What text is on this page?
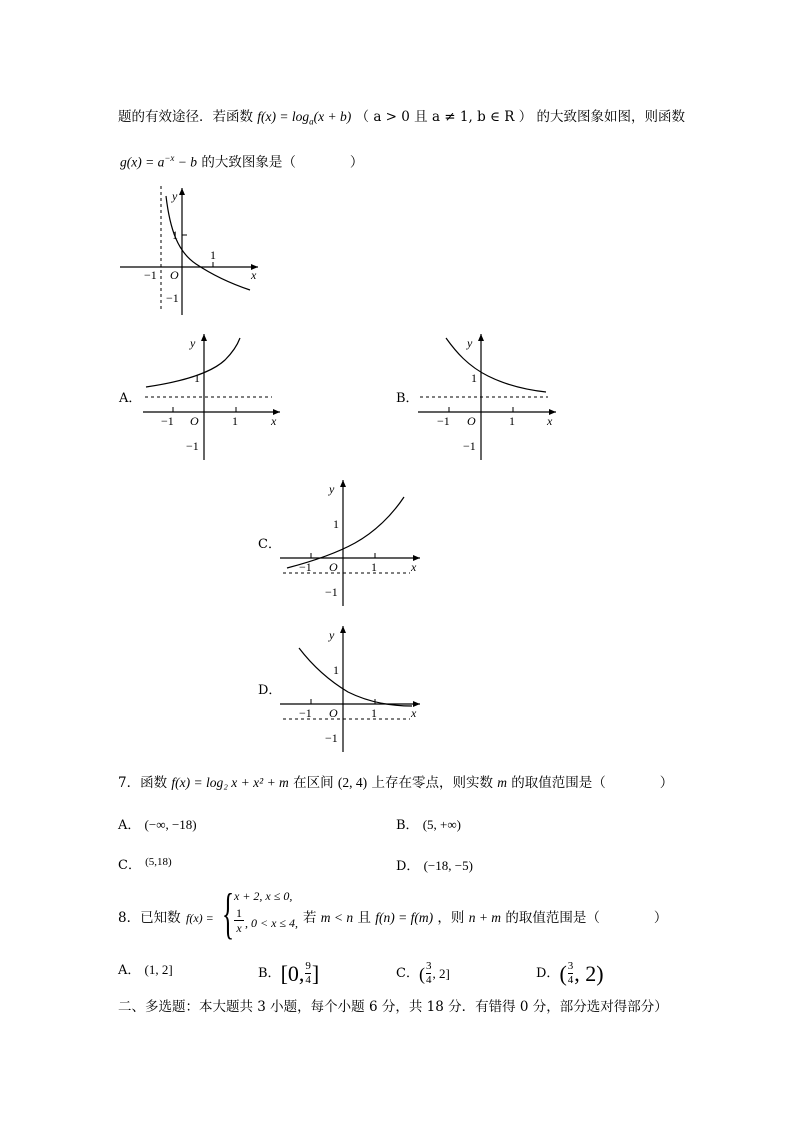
题的有效途径．若函数 $f(x) = \log_a(x + b)$ （ a > 0 且 a ≠ 1, b ∈ R ） 的大致图象如图，则函数
$g(x) = a^{-x} - b$ 的大致图象是（　　　　）
y
x
O
−1
1
1
−1
y
x
O
−1	1
1
−1
y
x
O
−1	1
1
−1
y
x
O
−1	1
1
−1
y
x
O
−1	1
1
−1
A．	B．
C．
D．
7．函数 f(x) = log₂ x + x² + m 在区间 (2, 4) 上存在零点，则实数 m 的取值范围是（　　　　）
A． (−∞, −18)	B． (5, +∞)
C． $^{(5,18)}$	D． (−18, −5)
8．已知数 f(x) = { x + 2, x ≤ 0,
$\frac{1}{x}$ , 0 < x ≤ 4, 若 m < n 且 f(n) = f(m) ，则 n + m 的取值范围是（　　　　）
A． (1, 2]	B． [0, $\frac{9}{4}$ ]	C． ( $\frac{3}{4}$ , 2]	D． ( $\frac{3}{4}$ , 2)
二、多选题：本大题共 3 小题，每个小题 6 分，共 18 分．有错得 0 分，部分选对得部分）
